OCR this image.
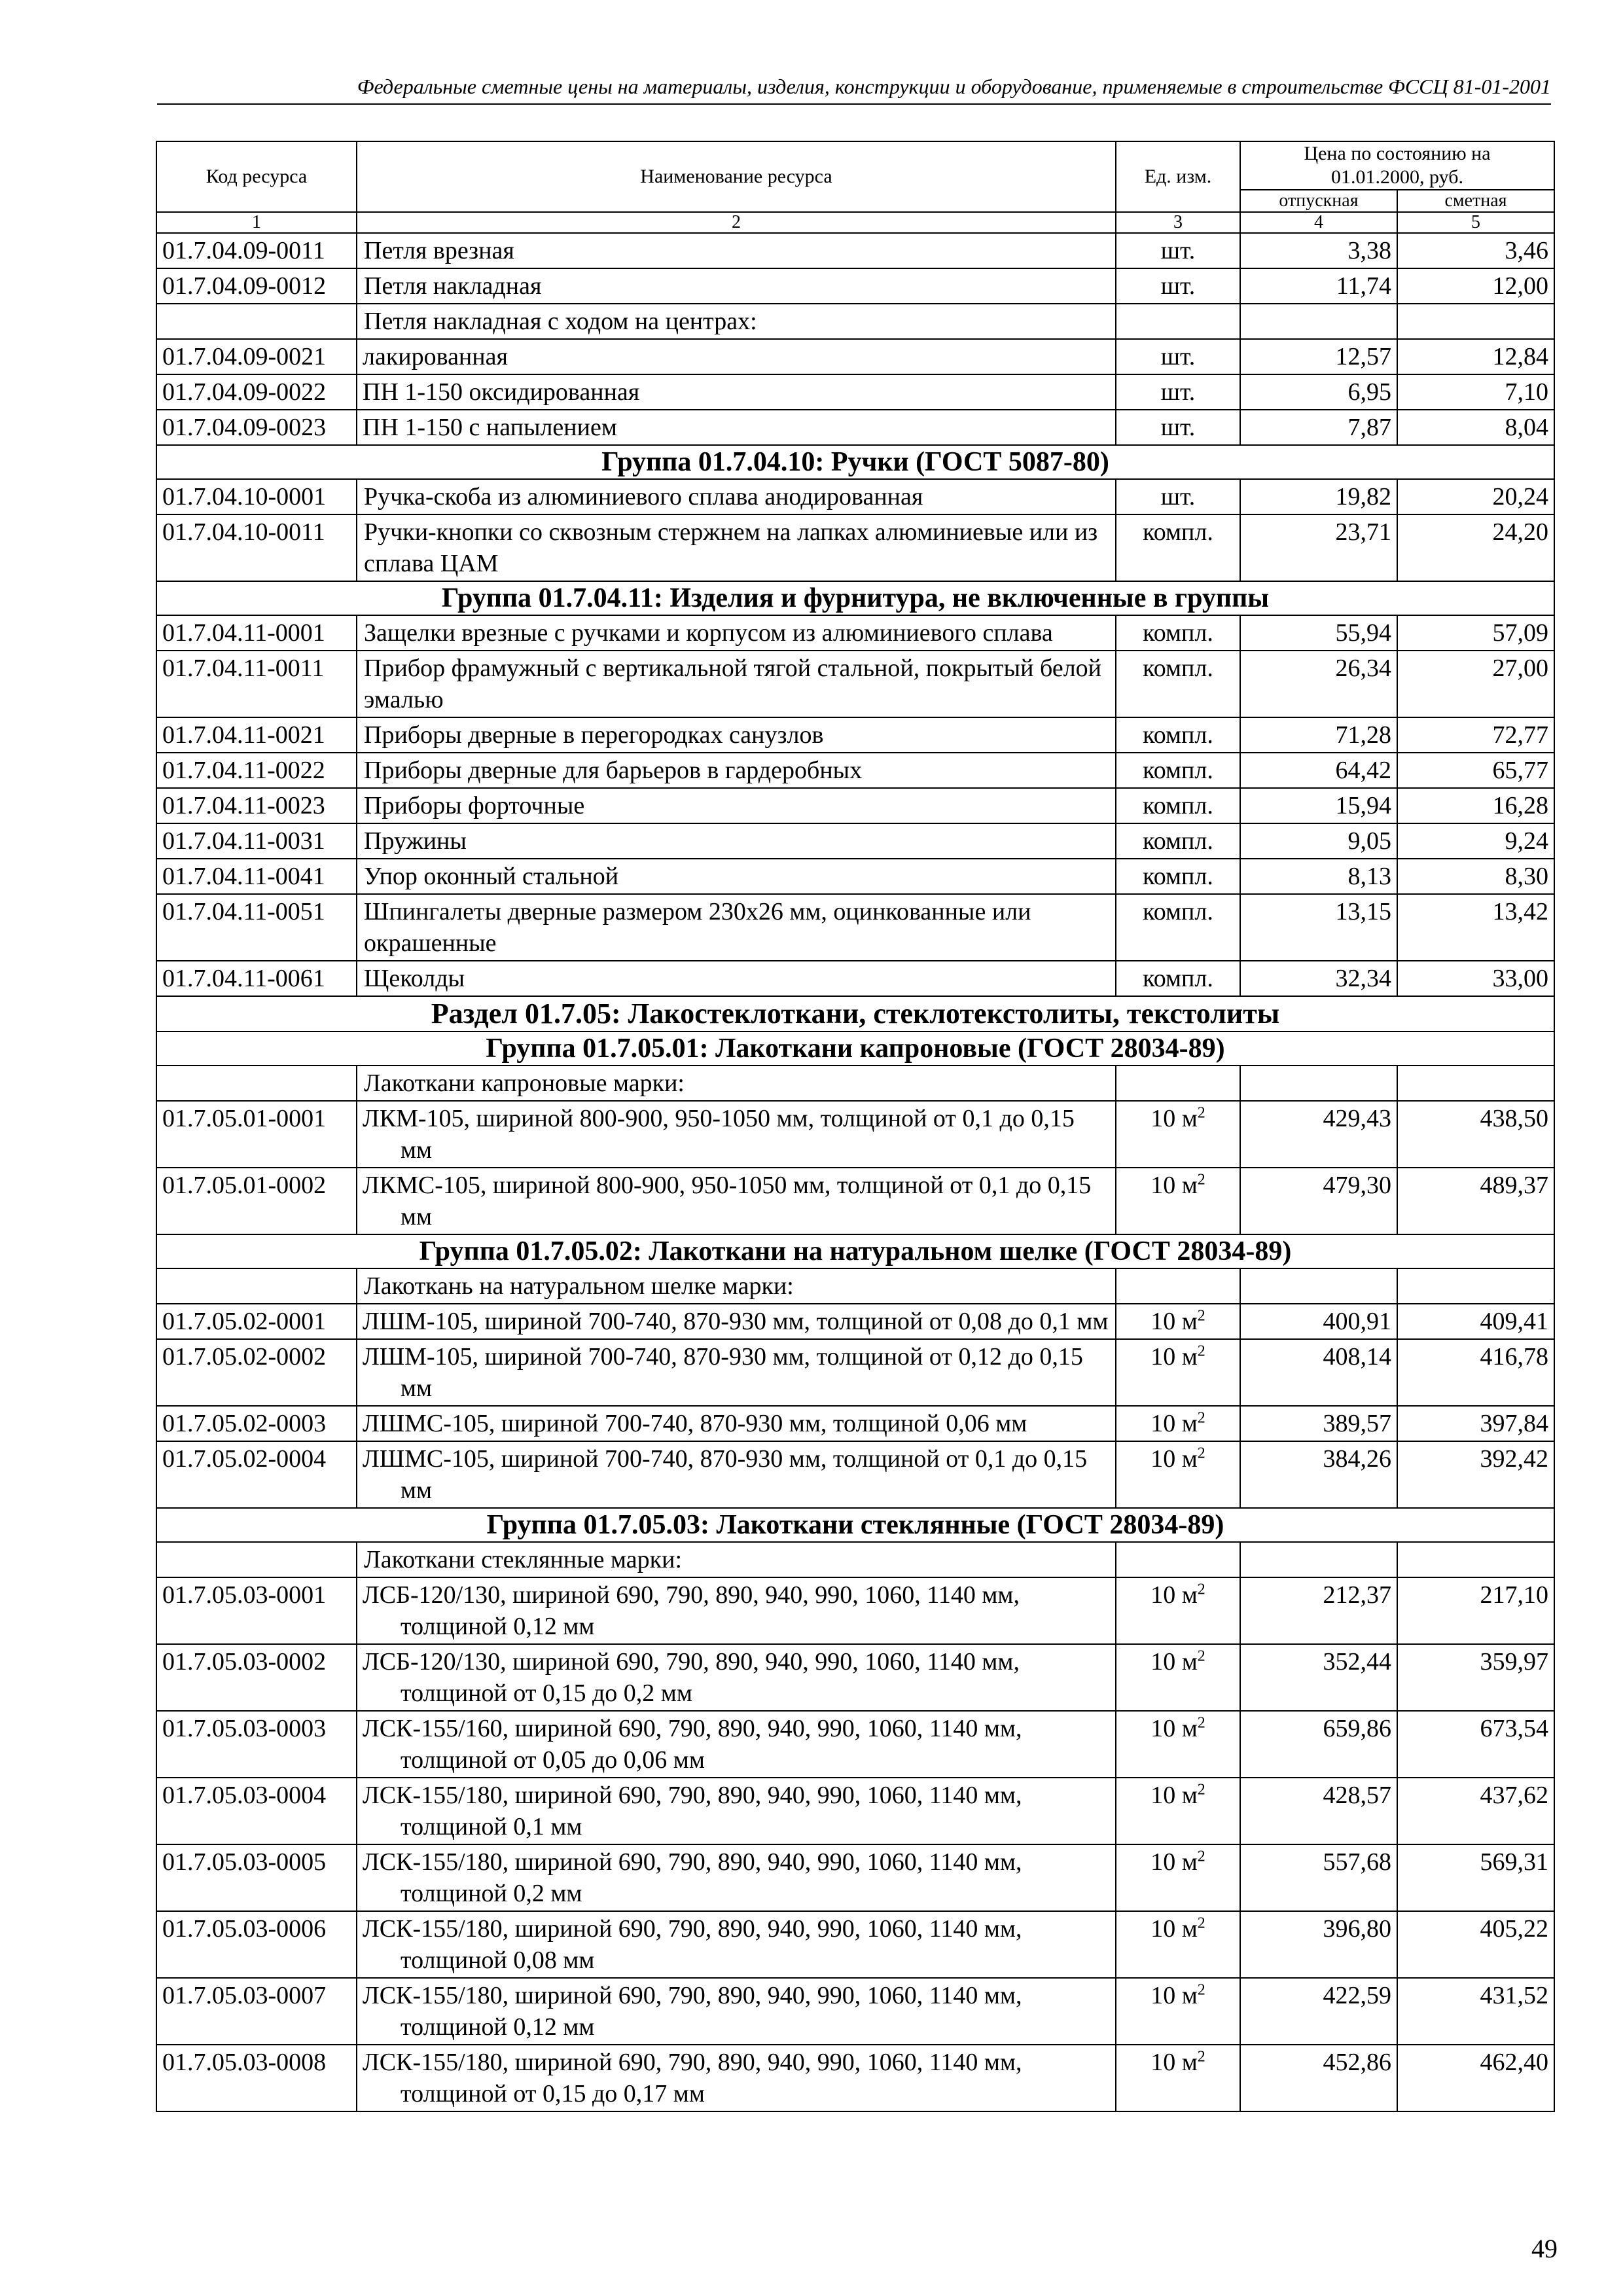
Федеральные сметные цены на материалы, изделия, конструкции и оборудование, применяемые в строительстве ФССЦ 81-01-2001
Код ресурса	Наименование ресурса	Ед. изм.	Цена по состоянию на 01.01.2000, руб.	
			отпускная	сметная
1	2	3	4	5
01.7.04.09-0011	Петля врезная	шт.	3,38	3,46
01.7.04.09-0012	Петля накладная	шт.	11,74	12,00
	Петля накладная с ходом на центрах:			
01.7.04.09-0021	лакированная	шт.	12,57	12,84
01.7.04.09-0022	ПН 1-150 оксидированная	шт.	6,95	7,10
01.7.04.09-0023	ПН 1-150 с напылением	шт.	7,87	8,04
Группа 01.7.04.10: Ручки (ГОСТ 5087-80)				
01.7.04.10-0001	Ручка-скоба из алюминиевого сплава анодированная	шт.	19,82	20,24
01.7.04.10-0011	Ручки-кнопки со сквозным стержнем на лапках алюминиевые или из сплава ЦАМ	компл.	23,71	24,20
Группа 01.7.04.11: Изделия и фурнитура, не включенные в группы				
01.7.04.11-0001	Защелки врезные с ручками и корпусом из алюминиевого сплава	компл.	55,94	57,09
01.7.04.11-0011	Прибор фрамужный с вертикальной тягой стальной, покрытый белой эмалью	компл.	26,34	27,00
01.7.04.11-0021	Приборы дверные в перегородках санузлов	компл.	71,28	72,77
01.7.04.11-0022	Приборы дверные для барьеров в гардеробных	компл.	64,42	65,77
01.7.04.11-0023	Приборы форточные	компл.	15,94	16,28
01.7.04.11-0031	Пружины	компл.	9,05	9,24
01.7.04.11-0041	Упор оконный стальной	компл.	8,13	8,30
01.7.04.11-0051	Шпингалеты дверные размером 230х26 мм, оцинкованные или окрашенные	компл.	13,15	13,42
01.7.04.11-0061	Щеколды	компл.	32,34	33,00
Раздел 01.7.05: Лакостеклоткани, стеклотекстолиты, текстолиты				
Группа 01.7.05.01: Лакоткани капроновые (ГОСТ 28034-89)				
	Лакоткани капроновые марки:			
01.7.05.01-0001	ЛКМ-105, шириной 800-900, 950-1050 мм, толщиной от 0,1 до 0,15 мм	10 $м^2$	429,43	438,50
01.7.05.01-0002	ЛКМС-105, шириной 800-900, 950-1050 мм, толщиной от 0,1 до 0,15 мм	10 $м^2$	479,30	489,37
Группа 01.7.05.02: Лакоткани на натуральном шелке (ГОСТ 28034-89)				
	Лакоткань на натуральном шелке марки:			
01.7.05.02-0001	ЛШМ-105, шириной 700-740, 870-930 мм, толщиной от 0,08 до 0,1 мм	10 $м^2$	400,91	409,41
01.7.05.02-0002	ЛШМ-105, шириной 700-740, 870-930 мм, толщиной от 0,12 до 0,15 мм	10 $м^2$	408,14	416,78
01.7.05.02-0003	ЛШМС-105, шириной 700-740, 870-930 мм, толщиной 0,06 мм	10 $м^2$	389,57	397,84
01.7.05.02-0004	ЛШМС-105, шириной 700-740, 870-930 мм, толщиной от 0,1 до 0,15 мм	10 $м^2$	384,26	392,42
Группа 01.7.05.03: Лакоткани стеклянные (ГОСТ 28034-89)				
	Лакоткани стеклянные марки:			
01.7.05.03-0001	ЛСБ-120/130, шириной 690, 790, 890, 940, 990, 1060, 1140 мм, толщиной 0,12 мм	10 $м^2$	212,37	217,10
01.7.05.03-0002	ЛСБ-120/130, шириной 690, 790, 890, 940, 990, 1060, 1140 мм, толщиной от 0,15 до 0,2 мм	10 $м^2$	352,44	359,97
01.7.05.03-0003	ЛСК-155/160, шириной 690, 790, 890, 940, 990, 1060, 1140 мм, толщиной от 0,05 до 0,06 мм	10 $м^2$	659,86	673,54
01.7.05.03-0004	ЛСК-155/180, шириной 690, 790, 890, 940, 990, 1060, 1140 мм, толщиной 0,1 мм	10 $м^2$	428,57	437,62
01.7.05.03-0005	ЛСК-155/180, шириной 690, 790, 890, 940, 990, 1060, 1140 мм, толщиной 0,2 мм	10 $м^2$	557,68	569,31
01.7.05.03-0006	ЛСК-155/180, шириной 690, 790, 890, 940, 990, 1060, 1140 мм, толщиной 0,08 мм	10 $м^2$	396,80	405,22
01.7.05.03-0007	ЛСК-155/180, шириной 690, 790, 890, 940, 990, 1060, 1140 мм, толщиной 0,12 мм	10 $м^2$	422,59	431,52
01.7.05.03-0008	ЛСК-155/180, шириной 690, 790, 890, 940, 990, 1060, 1140 мм, толщиной от 0,15 до 0,17 мм	10 $м^2$	452,86	462,40
49
